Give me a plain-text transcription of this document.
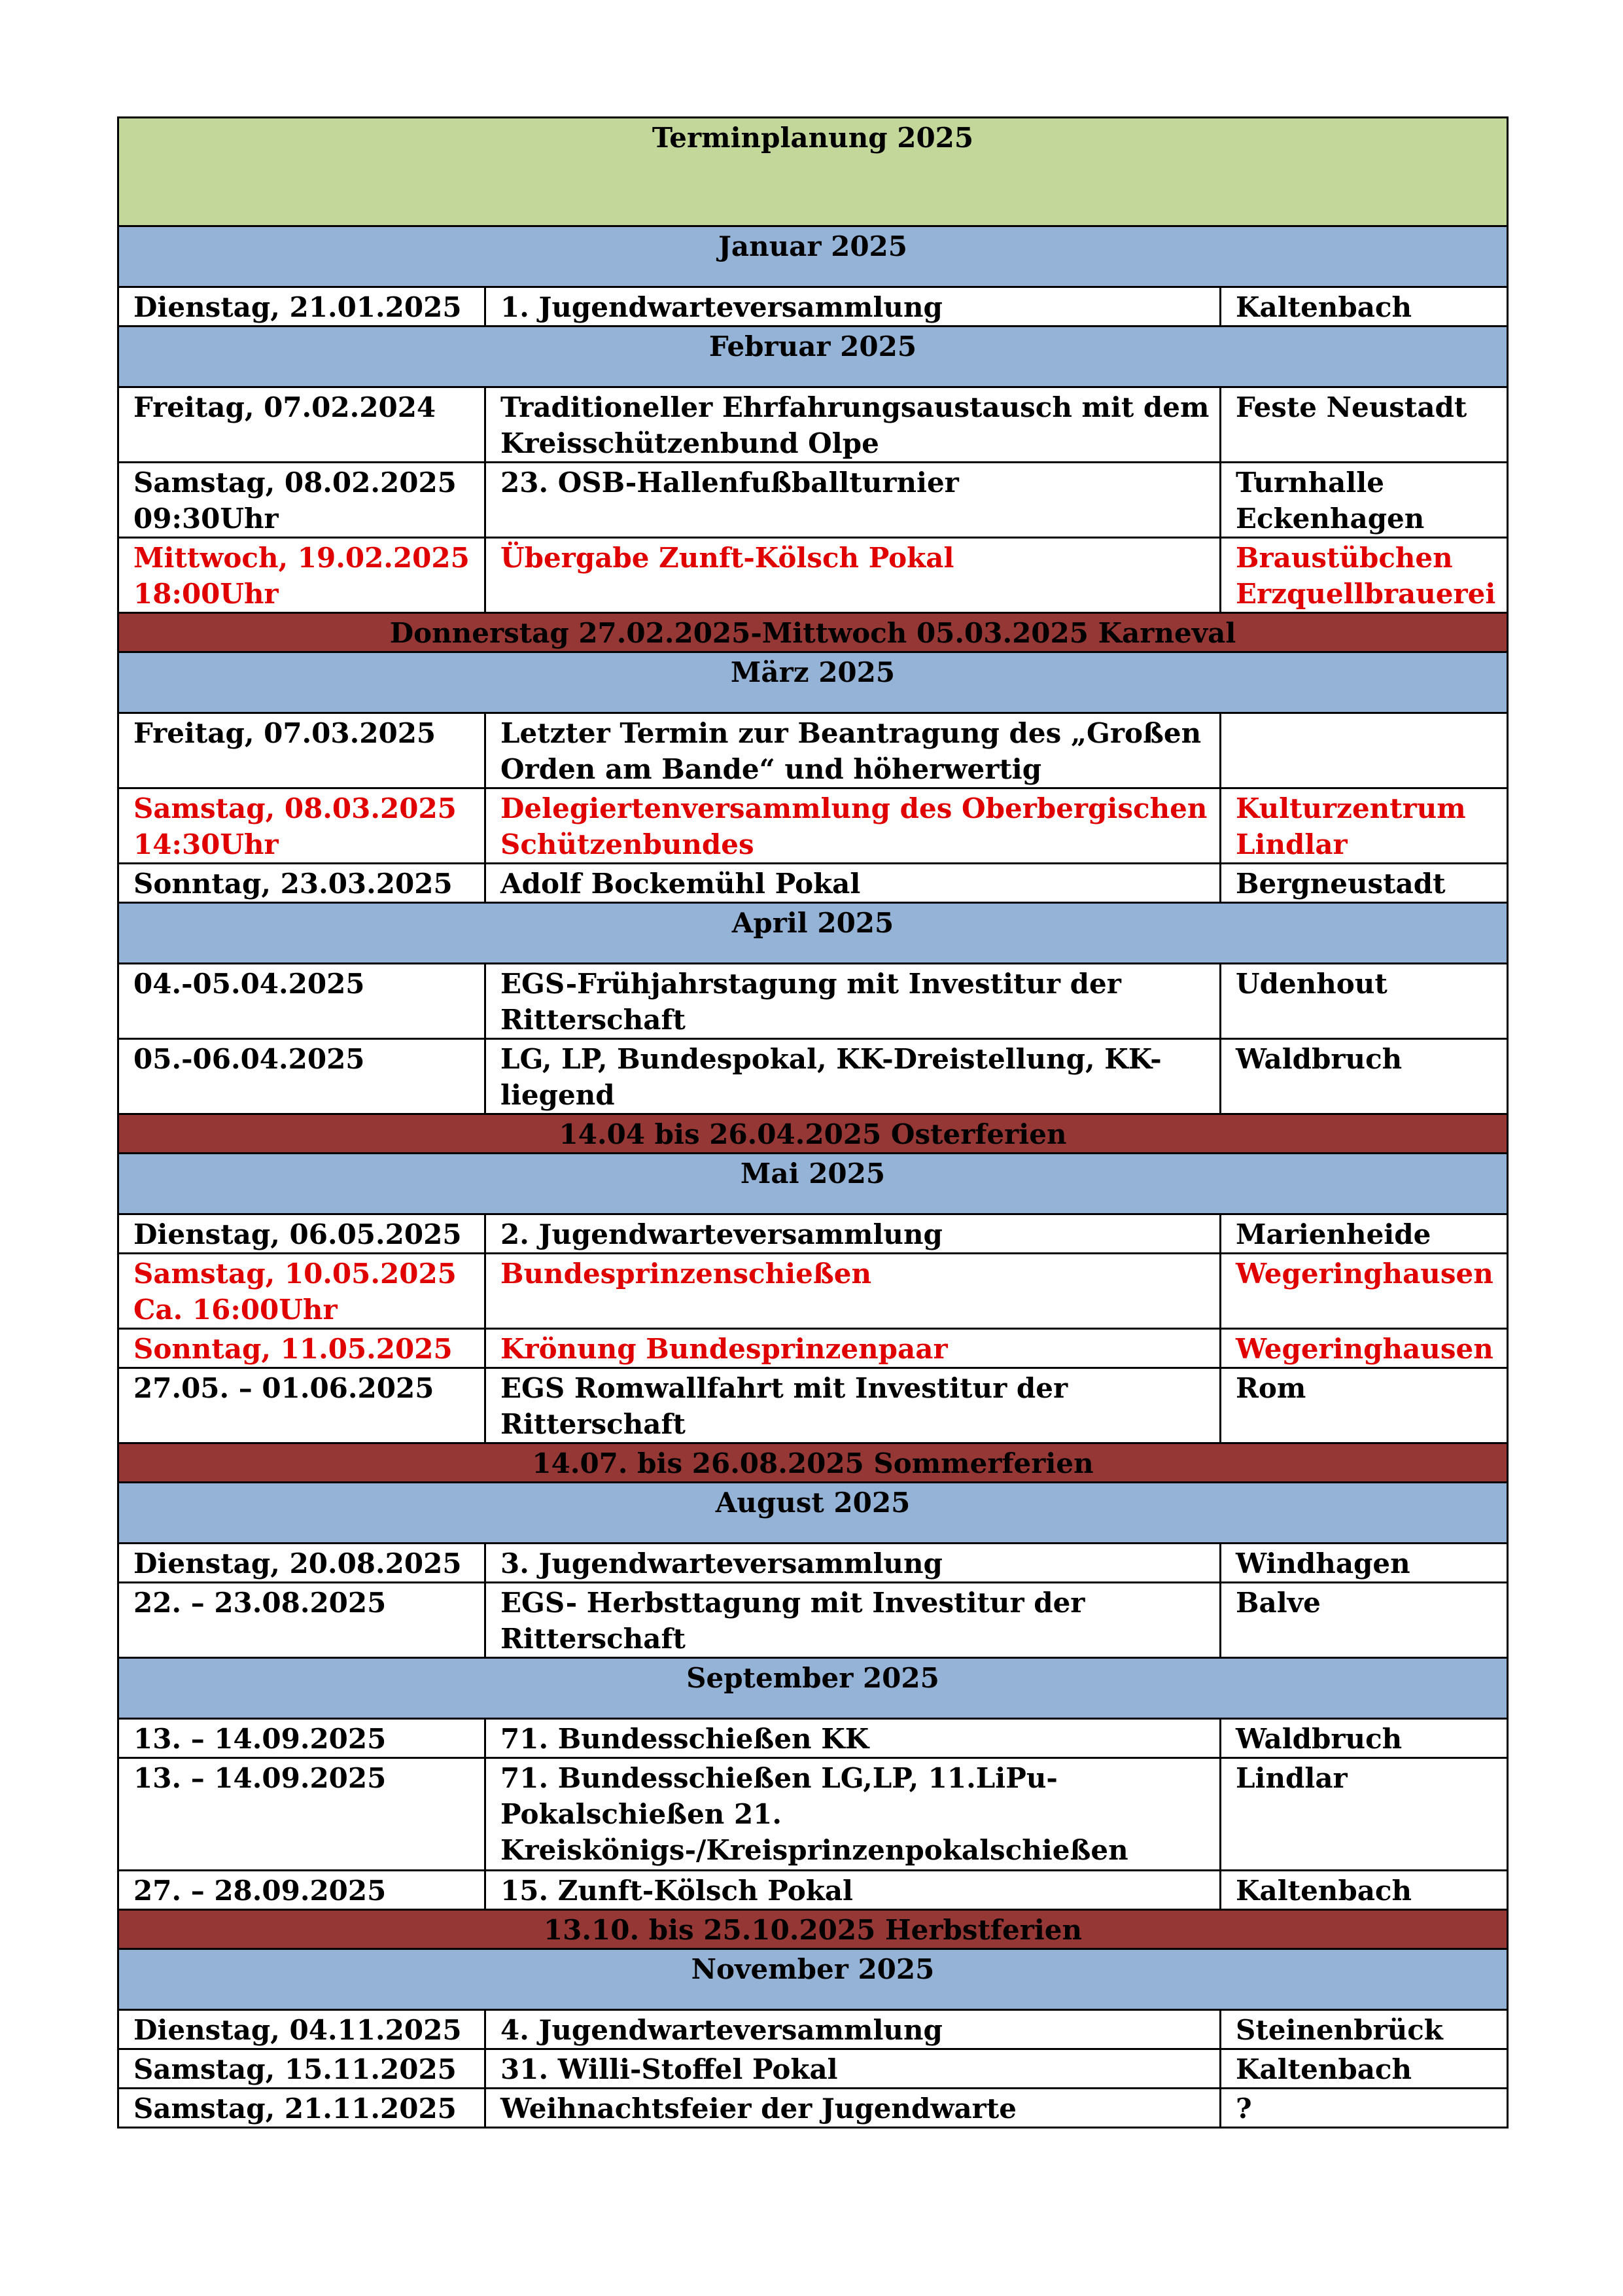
Terminplanung 2025		
Januar 2025		

Dienstag, 21.01.2025	1. Jugendwarteversammlung	Kaltenbach

Februar 2025		

Freitag, 07.02.2024	Traditioneller Ehrfahrungsaustausch mit dem Kreisschützenbund Olpe	Feste Neustadt

Samstag, 08.02.2025 09:30Uhr	23. OSB-Hallenfußballturnier	Turnhalle Eckenhagen

Mittwoch, 19.02.2025 18:00Uhr	Übergabe Zunft-Kölsch Pokal	Braustübchen Erzquellbrauerei

Donnerstag 27.02.2025-Mittwoch 05.03.2025 Karneval		
März 2025		

Freitag, 07.03.2025	Letzter Termin zur Beantragung des „Großen Orden am Bande“ und höherwertig	

Samstag, 08.03.2025 14:30Uhr	Delegiertenversammlung des Oberbergischen Schützenbundes	Kulturzentrum Lindlar

Sonntag, 23.03.2025	Adolf Bockemühl Pokal	Bergneustadt

April 2025		

04.-05.04.2025	EGS-Frühjahrstagung mit Investitur der Ritterschaft	Udenhout

05.-06.04.2025	LG, LP, Bundespokal, KK-Dreistellung, KK-liegend	Waldbruch

14.04 bis 26.04.2025 Osterferien		
Mai 2025		

Dienstag, 06.05.2025	2. Jugendwarteversammlung	Marienheide

Samstag, 10.05.2025 Ca. 16:00Uhr	Bundesprinzenschießen	Wegeringhausen

Sonntag, 11.05.2025	Krönung Bundesprinzenpaar	Wegeringhausen

27.05. – 01.06.2025	EGS Romwallfahrt mit Investitur der Ritterschaft	Rom

14.07. bis 26.08.2025 Sommerferien		
August 2025		

Dienstag, 20.08.2025	3. Jugendwarteversammlung	Windhagen

22. – 23.08.2025	EGS- Herbsttagung mit Investitur der Ritterschaft	Balve

September 2025		

13. – 14.09.2025	71. Bundesschießen KK	Waldbruch

13. – 14.09.2025	71. Bundesschießen LG,LP, 11.LiPu-Pokalschießen 21. Kreiskönigs-/Kreisprinzenpokalschießen	Lindlar

27. – 28.09.2025	15. Zunft-Kölsch Pokal	Kaltenbach

13.10. bis 25.10.2025 Herbstferien		
November 2025		

Dienstag, 04.11.2025	4. Jugendwarteversammlung	Steinenbrück

Samstag, 15.11.2025	31. Willi-Stoffel Pokal	Kaltenbach

Samstag, 21.11.2025	Weihnachtsfeier der Jugendwarte	?
